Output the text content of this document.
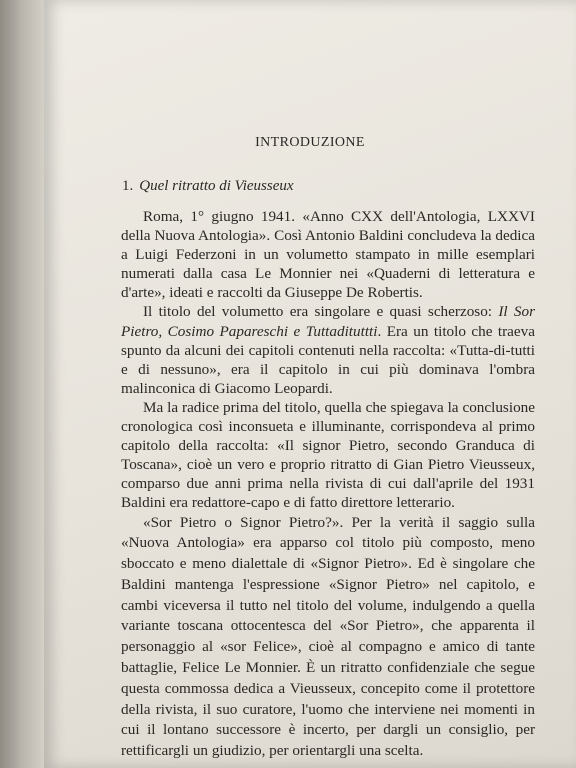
INTRODUZIONE
1. Quel ritratto di Vieusseux

Roma, 1° giugno 1941. «Anno CXX dell'Antologia, LXXVI della Nuova Antologia». Così Antonio Baldini concludeva la dedica a Luigi Federzoni in un volumetto stampato in mille esemplari numerati dalla casa Le Monnier nei «Quaderni di letteratura e d'arte», ideati e raccolti da Giuseppe De Robertis.

Il titolo del volumetto era singolare e quasi scherzoso: Il Sor Pietro, Cosimo Papareschi e Tuttadituttti. Era un titolo che traeva spunto da alcuni dei capitoli contenuti nella raccolta: «Tutta-di-tutti e di nessuno», era il capitolo in cui più dominava l'ombra malinconica di Giacomo Leopardi.

Ma la radice prima del titolo, quella che spiegava la conclusione cronologica così inconsueta e illuminante, corrispondeva al primo capitolo della raccolta: «Il signor Pietro, secondo Granduca di Toscana», cioè un vero e proprio ritratto di Gian Pietro Vieusseux, comparso due anni prima nella rivista di cui dall'aprile del 1931 Baldini era redattore-capo e di fatto direttore letterario.

«Sor Pietro o Signor Pietro?». Per la verità il saggio sulla «Nuova Antologia» era apparso col titolo più composto, meno sboccato e meno dialettale di «Signor Pietro». Ed è singolare che Baldini mantenga l'espressione «Signor Pietro» nel capitolo, e cambi viceversa il tutto nel titolo del volume, indulgendo a quella variante toscana ottocentesca del «Sor Pietro», che apparenta il personaggio al «sor Felice», cioè al compagno e amico di tante battaglie, Felice Le Monnier. È un ritratto confidenziale che segue questa commossa dedica a Vieusseux, concepito come il protettore della rivista, il suo curatore, l'uomo che interviene nei momenti in cui il lontano successore è incerto, per dargli un consiglio, per rettificargli un giudizio, per orientargli una scelta.
